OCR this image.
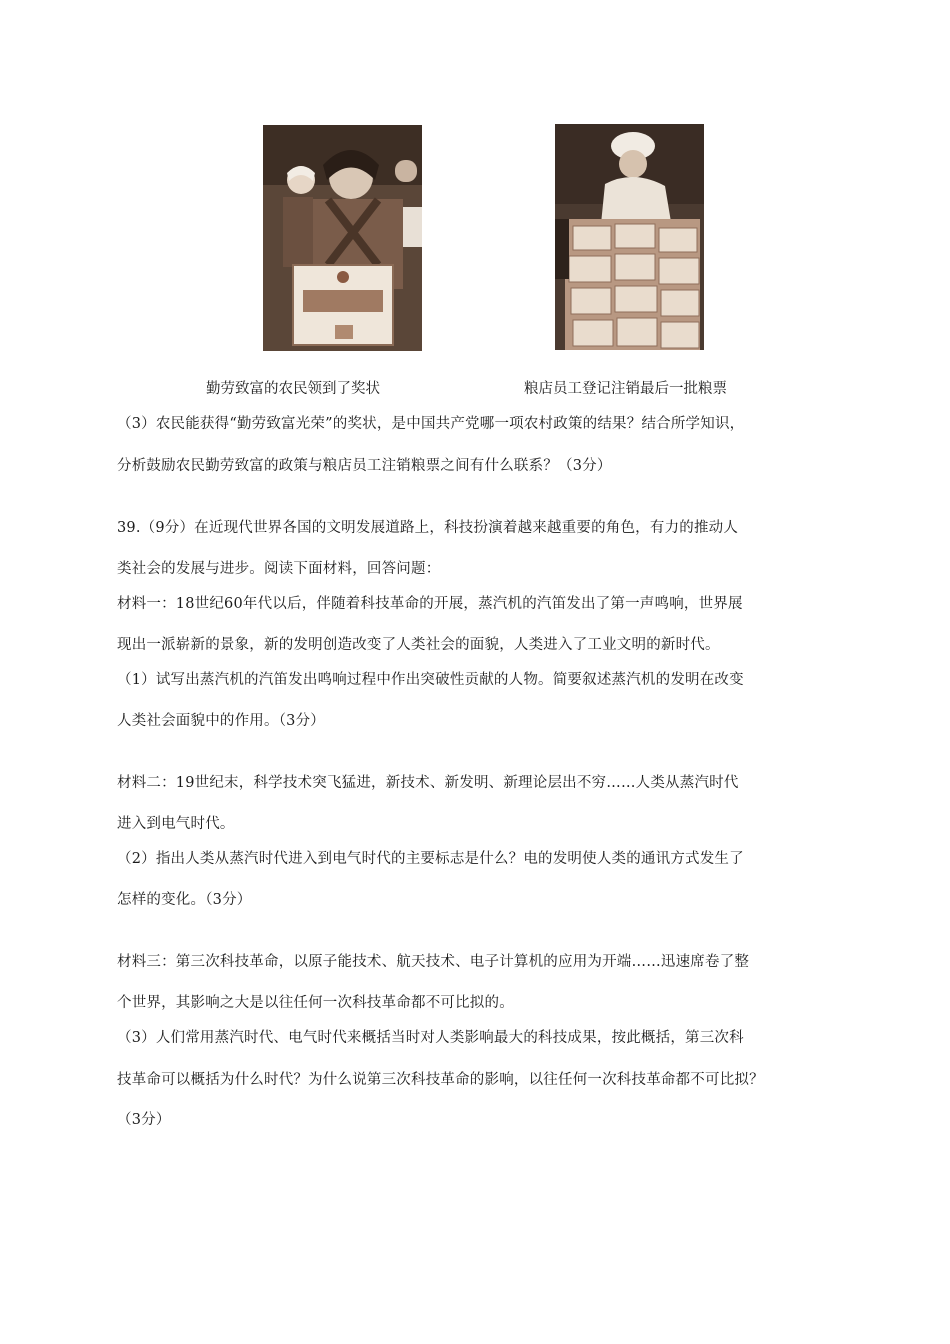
勤劳致富的农民领到了奖状	粮店员工登记注销最后一批粮票
（3）农民能获得“勤劳致富光荣”的奖状，是中国共产党哪一项农村政策的结果？结合所学知识，
分析鼓励农民勤劳致富的政策与粮店员工注销粮票之间有什么联系？（3分）
39.（9分）在近现代世界各国的文明发展道路上，科技扮演着越来越重要的角色，有力的推动人
类社会的发展与进步。阅读下面材料，回答问题：
材料一：18世纪60年代以后，伴随着科技革命的开展，蒸汽机的汽笛发出了第一声鸣响，世界展
现出一派崭新的景象，新的发明创造改变了人类社会的面貌，人类进入了工业文明的新时代。
（1）试写出蒸汽机的汽笛发出鸣响过程中作出突破性贡献的人物。简要叙述蒸汽机的发明在改变
人类社会面貌中的作用。（3分）
材料二：19世纪末，科学技术突飞猛进，新技术、新发明、新理论层出不穷……人类从蒸汽时代
进入到电气时代。
（2）指出人类从蒸汽时代进入到电气时代的主要标志是什么？电的发明使人类的通讯方式发生了
怎样的变化。（3分）
材料三：第三次科技革命，以原子能技术、航天技术、电子计算机的应用为开端……迅速席卷了整
个世界，其影响之大是以往任何一次科技革命都不可比拟的。
（3）人们常用蒸汽时代、电气时代来概括当时对人类影响最大的科技成果，按此概括，第三次科
技革命可以概括为什么时代？为什么说第三次科技革命的影响，以往任何一次科技革命都不可比拟？
（3分）
